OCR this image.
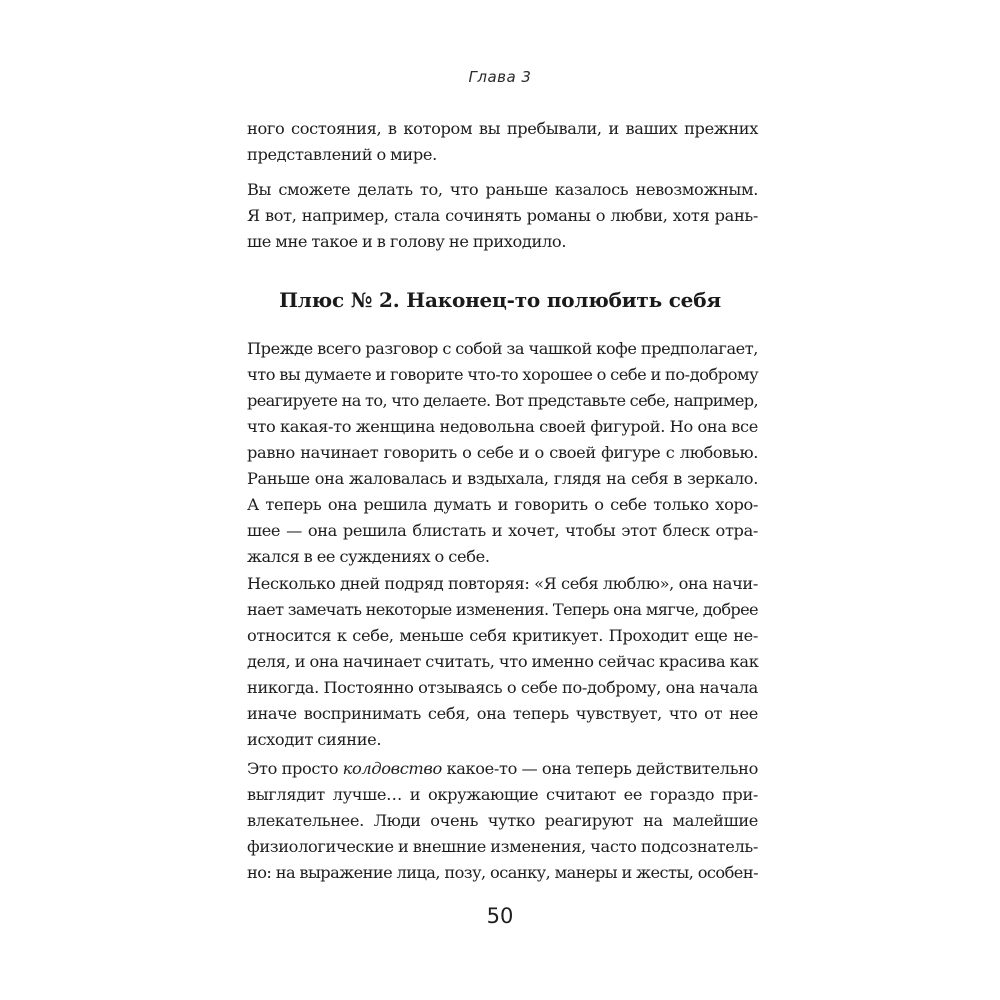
Глава 3
ного состояния, в котором вы пребывали, и ваших прежних
представлений о мире.
Вы сможете делать то, что раньше казалось невозможным.
Я вот, например, стала сочинять романы о любви, хотя рань-
ше мне такое и в голову не приходило.
Плюс № 2. Наконец-то полюбить себя
Прежде всего разговор с собой за чашкой кофе предполагает,
что вы думаете и говорите что-то хорошее о себе и по-доброму
реагируете на то, что делаете. Вот представьте себе, например,
что какая-то женщина недовольна своей фигурой. Но она все
равно начинает говорить о себе и о своей фигуре с любовью.
Раньше она жаловалась и вздыхала, глядя на себя в зеркало.
А теперь она решила думать и говорить о себе только хоро-
шее — она решила блистать и хочет, чтобы этот блеск отра-
жался в ее суждениях о себе.
Несколько дней подряд повторяя: «Я себя люблю», она начи-
нает замечать некоторые изменения. Теперь она мягче, добрее
относится к себе, меньше себя критикует. Проходит еще не-
деля, и она начинает считать, что именно сейчас красива как
никогда. Постоянно отзываясь о себе по-доброму, она начала
иначе воспринимать себя, она теперь чувствует, что от нее
исходит сияние.
Это просто колдовство какое-то — она теперь действительно
выглядит лучше… и окружающие считают ее гораздо при-
влекательнее. Люди очень чутко реагируют на малейшие
физиологические и внешние изменения, часто подсознатель-
но: на выражение лица, позу, осанку, манеры и жесты, особен-
50
